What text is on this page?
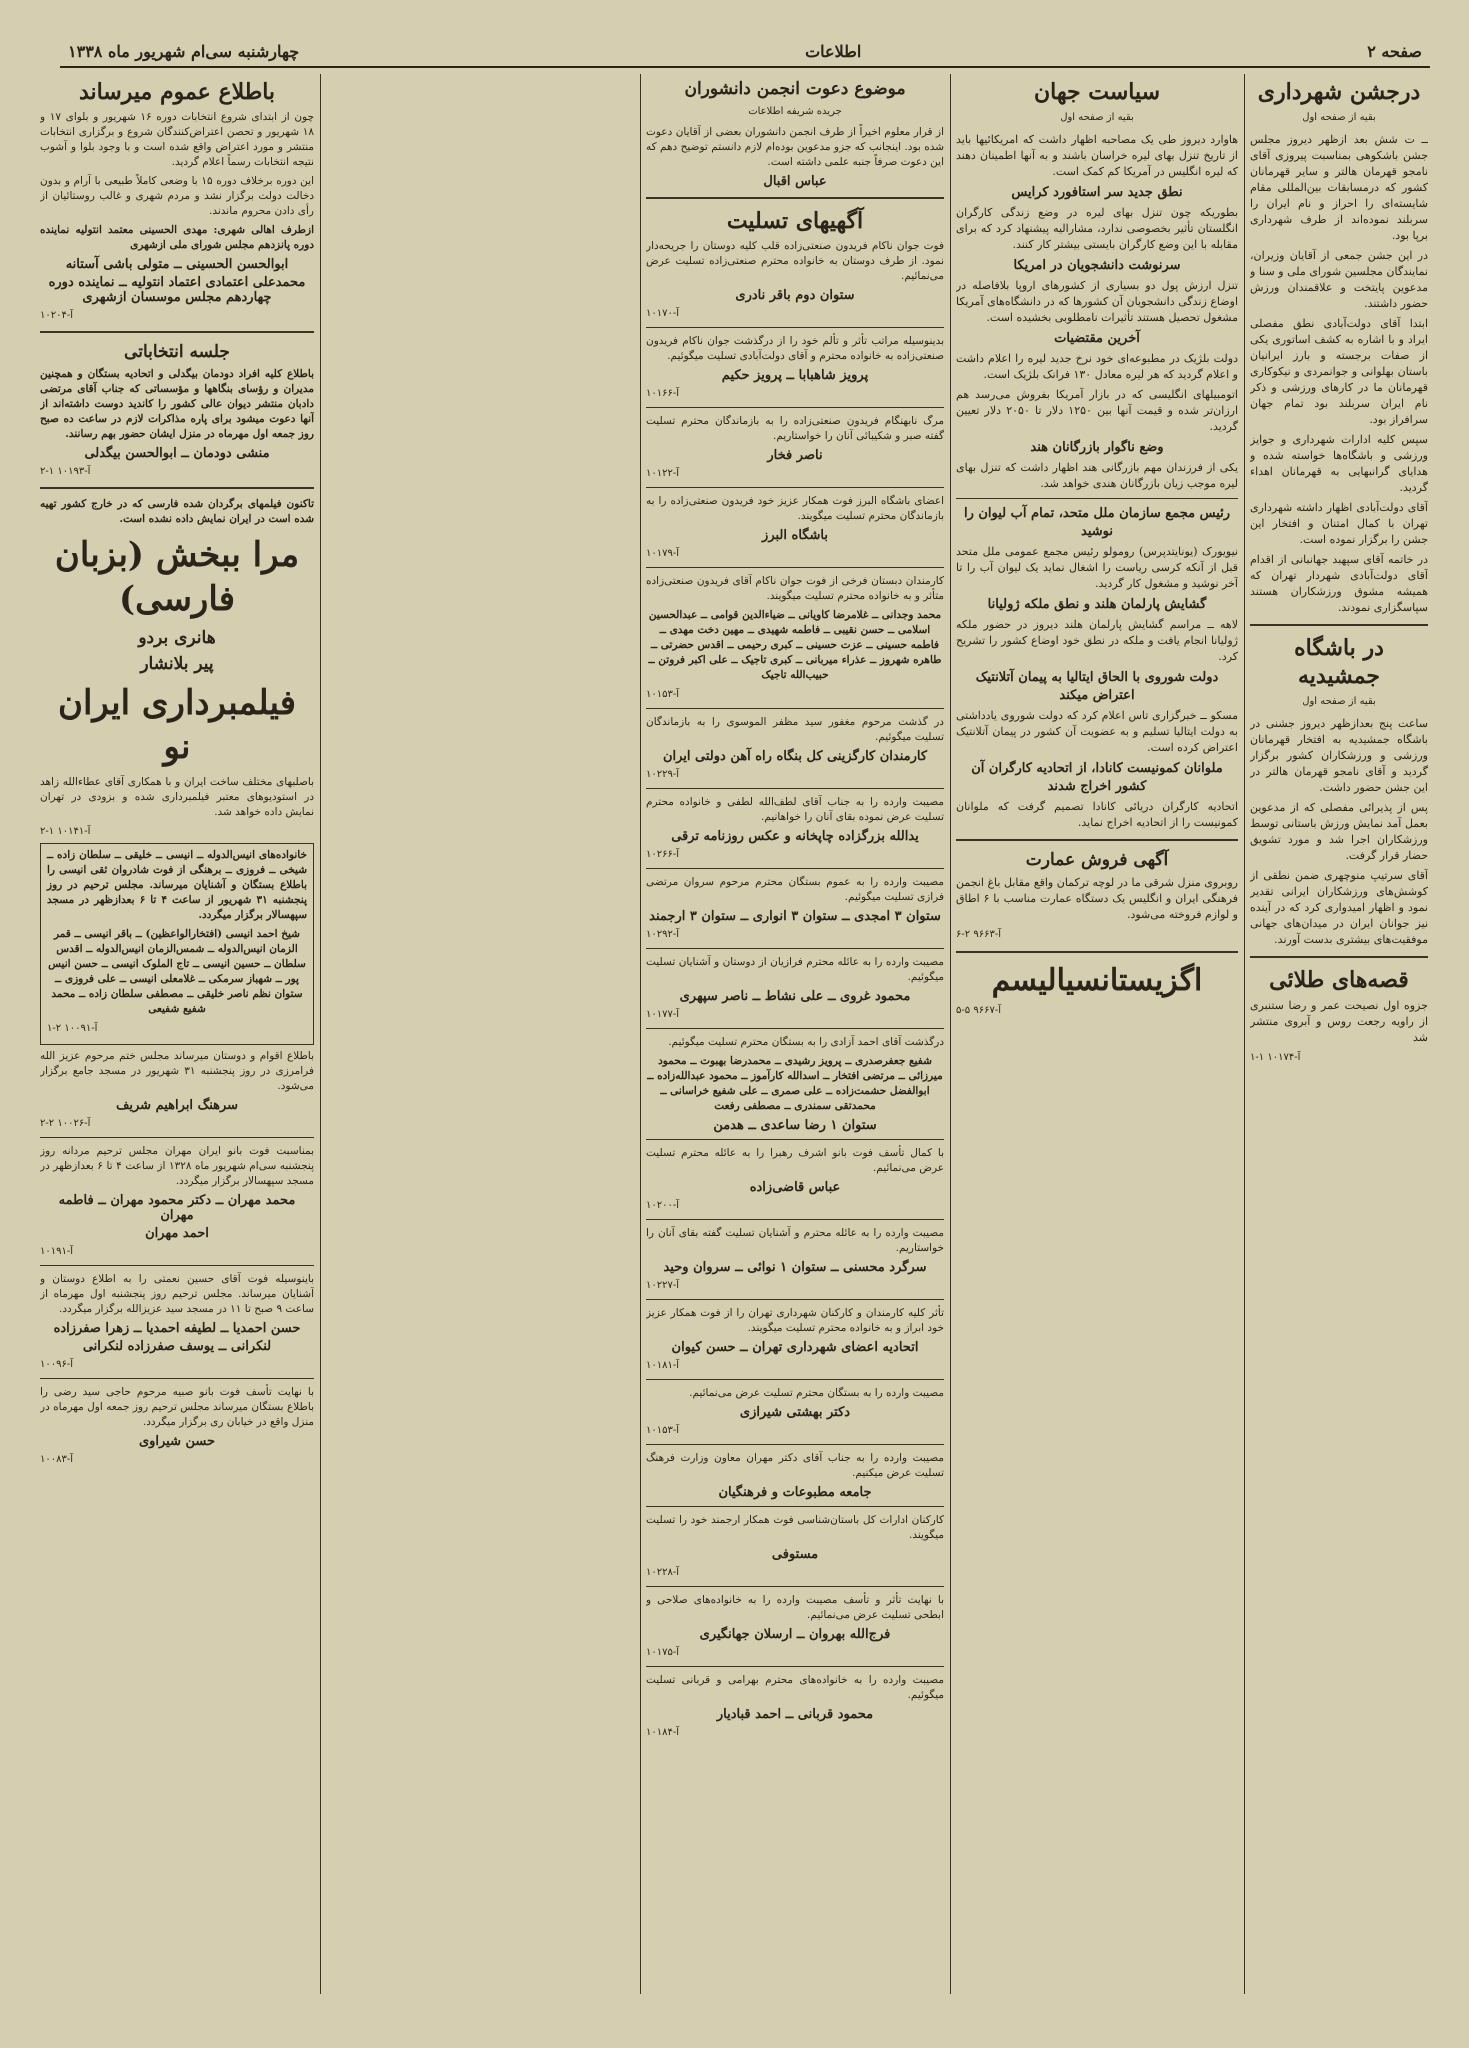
صفحه ۲
اطلاعات
چهارشنبه سی‌ام شهریور ماه ۱۳۳۸
درجشن شهرداری
بقیه از صفحه اول

ــ ت شش بعد ازظهر دیروز مجلس جشن باشکوهی بمناسبت پیروزی آقای نامجو قهرمان هالتر و سایر قهرمانان کشور که درمسابقات بین‌المللی مقام شایسته‌ای را احراز و نام ایران را سربلند نموده‌اند از طرف شهرداری برپا بود.

در این جشن جمعی از آقایان وزیران، نمایندگان مجلسین شورای ملی و سنا و مدعوین پایتخت و علاقمندان ورزش حضور داشتند.

ابتدا آقای دولت‌آبادی نطق مفصلی ایراد و با اشاره به کشف اساتوری یکی از صفات برجسته و بارز ایرانیان باستان بهلوانی و جوانمردی و نیکوکاری قهرمانان ما در کارهای ورزشی و ذکر نام ایران سربلند بود تمام جهان سرافراز بود.

سپس کلیه ادارات شهرداری و جوایز ورزشی و باشگاه‌ها خواسته شده و هدایای گرانبهایی به قهرمانان اهداء گردید.

آقای دولت‌آبادی اظهار داشته شهرداری تهران با کمال امتنان و افتخار این جشن را برگزار نموده است.

در خاتمه آقای سپهبد جهانبانی از اقدام آقای دولت‌آبادی شهردار تهران که همیشه مشوق ورزشکاران هستند سپاسگزاری نمودند.

در باشگاه جمشیدیه
بقیه از صفحه اول

ساعت پنج بعدازظهر دیروز جشنی در باشگاه جمشیدیه به افتخار قهرمانان ورزشی و ورزشکاران کشور برگزار گردید و آقای نامجو قهرمان هالتر در این جشن حضور داشت.

پس از پذیرائی مفصلی که از مدعوین بعمل آمد نمایش ورزش باستانی توسط ورزشکاران اجرا شد و مورد تشویق حضار قرار گرفت.

آقای سرتیپ منوچهری ضمن نطقی از کوشش‌های ورزشکاران ایرانی تقدیر نمود و اظهار امیدواری کرد که در آینده نیز جوانان ایران در میدان‌های جهانی موفقیت‌های بیشتری بدست آورند.

قصه‌های طلائی

جزوه اول نصیحت عمر و رضا ستنبری از راویه رجعت روس و آبروی منتشر شد

آ-۱۰۱۷۴ ۱-۱
سیاست جهان
بقیه از صفحه اول

هاوارد دیروز طی یک مصاحبه اظهار داشت که امریکائیها باید از تاریخ تنزل بهای لیره خراسان باشند و به آنها اطمینان دهند که لیره انگلیس در آمریکا کم کمک است.

نطق جدید سر استافورد کرایس

بطوریکه چون تنزل بهای لیره در وضع زندگی کارگران انگلستان تأثیر بخصوصی ندارد، مشارالیه پیشنهاد کرد که برای مقابله با این وضع کارگران بایستی بیشتر کار کنند.

سرنوشت دانشجویان در امریکا

تنزل ارزش پول دو بسیاری از کشورهای اروپا بلافاصله در اوضاع زندگی دانشجویان آن کشورها که در دانشگاه‌های آمریکا مشغول تحصیل هستند تأثیرات نامطلوبی بخشیده است.

آخرین مقتضیات

دولت بلژیک در مطبوعه‌ای خود نرخ جدید لیره را اعلام داشت و اعلام گردید که هر لیره معادل ۱۳۰ فرانک بلژیک است.

اتومبیلهای انگلیسی که در بازار آمریکا بفروش می‌رسد هم ارزان‌تر شده و قیمت آنها بین ۱۲۵۰ دلار تا ۲۰۵۰ دلار تعیین گردید.

وضع ناگوار بازرگانان هند

یکی از فرزندان مهم بازرگانی هند اظهار داشت که تنزل بهای لیره موجب زیان بازرگانان هندی خواهد شد.

رئیس مجمع سازمان ملل متحد، تمام آب لیوان را نوشید

نیویورک (یونایتدپرس) رومولو رئیس مجمع عمومی ملل متحد قبل از آنکه کرسی ریاست را اشغال نماید یک لیوان آب را تا آخر نوشید و مشغول کار گردید.

گشایش پارلمان هلند و نطق ملکه ژولیانا

لاهه ــ مراسم گشایش پارلمان هلند دیروز در حضور ملکه ژولیانا انجام یافت و ملکه در نطق خود اوضاع کشور را تشریح کرد.

دولت شوروی با الحاق ایتالیا به پیمان آتلانتیک اعتراض میکند

مسکو ــ خبرگزاری تاس اعلام کرد که دولت شوروی یادداشتی به دولت ایتالیا تسلیم و به عضویت آن کشور در پیمان آتلانتیک اعتراض کرده است.

ملوانان کمونیست کانادا، از اتحادیه کارگران آن کشور اخراج شدند

اتحادیه کارگران دریائی کانادا تصمیم گرفت که ملوانان کمونیست را از اتحادیه اخراج نماید.

آگهی فروش عمارت

روبروی منزل شرقی ما در لوچه ترکمان واقع مقابل باغ انجمن فرهنگی ایران و انگلیس یک دستگاه عمارت مناسب با ۶ اطاق و لوازم فروخته می‌شود.

آ-۹۶۶۳ ۲-۶
اگزیستانسیالیسم
آ-۹۶۶۷ ۵-۵
موضوع دعوت انجمن دانشوران
جریده شریفه اطلاعات

از قرار معلوم اخیراً از طرف انجمن دانشوران بعضی از آقایان دعوت شده بود. اینجانب که جزو مدعوین بوده‌ام لازم دانستم توضیح دهم که این دعوت صرفاً جنبه علمی داشته است.

عباس اقبال
آگهیهای تسلیت

فوت جوان ناکام فریدون صنعتی‌زاده قلب کلیه دوستان را جریحه‌دار نمود. از طرف دوستان به خانواده محترم صنعتی‌زاده تسلیت عرض می‌نمائیم.

ستوان دوم باقر نادری
آ-۱۰۱۷۰

بدینوسیله مراتب تأثر و تألم خود را از درگذشت جوان ناکام فریدون صنعتی‌زاده به خانواده محترم و آقای دولت‌آبادی تسلیت میگوئیم.

پرویز شاهبابا ــ پرویز حکیم
آ-۱۰۱۶۶

مرگ نابهنگام فریدون صنعتی‌زاده را به بازماندگان محترم تسلیت گفته صبر و شکیبائی آنان را خواستاریم.

ناصر فخار
آ-۱۰۱۲۲

اعضای باشگاه البرز فوت همکار عزیز خود فریدون صنعتی‌زاده را به بازماندگان محترم تسلیت میگویند.

باشگاه البرز
آ-۱۰۱۷۹

کارمندان دبستان فرخی از فوت جوان ناکام آقای فریدون صنعتی‌زاده متأثر و به خانواده محترم تسلیت میگویند.

محمد وجدانی ــ غلامرضا کاویانی ــ ضیاءالدین قوامی ــ عبدالحسین اسلامی ــ حسن نقیبی ــ فاطمه شهیدی ــ مهین دخت مهدی ــ فاطمه حسینی ــ عزت حسینی ــ کبری رحیمی ــ اقدس حضرتی ــ طاهره شهروز ــ عذراء میربانی ــ کبری تاجیک ــ علی اکبر فروتن ــ حبیب‌الله تاجیک

آ-۱۰۱۵۳

در گذشت مرحوم مغفور سید مظفر الموسوی را به بازماندگان تسلیت میگوئیم.

کارمندان کارگزینی کل بنگاه راه آهن دولتی ایران
آ-۱۰۲۲۹

مصیبت وارده را به جناب آقای لطف‌الله لطفی و خانواده محترم تسلیت عرض نموده بقای آنان را خواهانیم.

یدالله بزرگزاده چاپخانه و عکس روزنامه ترقی
آ-۱۰۲۶۶

مصیبت وارده را به عموم بستگان محترم مرحوم سروان مرتضی فرازی تسلیت میگوئیم.

ستوان ۳ امجدی ــ ستوان ۳ انواری ــ ستوان ۳ ارجمند
آ-۱۰۲۹۲

مصیبت وارده را به عائله محترم فرازیان از دوستان و آشنایان تسلیت میگوئیم.

محمود غروی ــ علی نشاط ــ ناصر سپهری
آ-۱۰۱۷۷

درگذشت آقای احمد آزادی را به بستگان محترم تسلیت میگوئیم.

شفیع جعفرصدری ــ پرویز رشیدی ــ محمدرضا بهبوت ــ محمود میرزائی ــ مرتضی افتخار ــ اسدالله کارآموز ــ محمود عبدالله‌زاده ــ ابوالفضل حشمت‌زاده ــ علی صمری ــ علی شفیع خراسانی ــ محمدتقی سمندری ــ مصطفی رفعت

ستوان ۱ رضا ساعدی ــ هدمن

با کمال تأسف فوت بانو اشرف رهبرا را به عائله محترم تسلیت عرض می‌نمائیم.

عباس قاضی‌زاده
آ-۱۰۲۰۰

مصیبت وارده را به عائله محترم و آشنایان تسلیت گفته بقای آنان را خواستاریم.

سرگرد محسنی ــ ستوان ۱ نوائی ــ سروان وحید
آ-۱۰۲۲۷

تأثر کلیه کارمندان و کارکنان شهرداری تهران را از فوت همکار عزیز خود ابراز و به خانواده محترم تسلیت میگویند.

اتحادیه اعضای شهرداری تهران ــ حسن کیوان
آ-۱۰۱۸۱

مصیبت وارده را به بستگان محترم تسلیت عرض می‌نمائیم.

دکتر بهشتی شیرازی
آ-۱۰۱۵۳

مصیبت وارده را به جناب آقای دکتر مهران معاون وزارت فرهنگ تسلیت عرض میکنیم.

جامعه مطبوعات و فرهنگیان

کارکنان ادارات کل باستان‌شناسی فوت همکار ارجمند خود را تسلیت میگویند.

مستوفی
آ-۱۰۲۲۸

با نهایت تأثر و تأسف مصیبت وارده را به خانواده‌های صلاحی و ابطحی تسلیت عرض می‌نمائیم.

فرج‌الله بهروان ــ ارسلان جهانگیری
آ-۱۰۱۷۵

مصیبت وارده را به خانواده‌های محترم بهرامی و قربانی تسلیت میگوئیم.

محمود قربانی ــ احمد قبادیار
آ-۱۰۱۸۴
باطلاع عموم میرساند

چون از ابتدای شروع انتخابات دوره ۱۶ شهریور و بلوای ۱۷ و ۱۸ شهریور و تحصن اعتراض‌کنندگان شروع و برگزاری انتخابات منتشر و مورد اعتراض واقع شده است و با وجود بلوا و آشوب نتیجه انتخابات رسماً اعلام گردید.

این دوره برخلاف دوره ۱۵ با وضعی کاملاً طبیعی با آرام و بدون دخالت دولت برگزار نشد و مردم شهری و غالب روستائیان از رأی دادن محروم ماندند.

ازطرف اهالی شهری: مهدی الحسینی معتمد انتولیه نماینده دوره پانزدهم مجلس شورای ملی ازشهری

ابوالحسن الحسینی ــ متولی باشی آستانه
محمدعلی اعتمادی اعتماد انتولیه ــ نماینده دوره چهاردهم مجلس موسسان ازشهری
آ-۱۰۲۰۴
جلسه انتخاباتی

باطلاع کلیه افراد دودمان بیگدلی و اتحادیه بستگان و همچنین مدیران و رؤسای بنگاهها و مؤسساتی که جناب آقای مرتضی دادبان منتشر دیوان عالی کشور را کاندید دوست داشته‌اند از آنها دعوت میشود برای پاره مذاکرات لازم در ساعت ده صبح روز جمعه اول مهرماه در منزل ایشان حضور بهم رسانند.

منشی دودمان ــ ابوالحسن بیگدلی
آ-۱۰۱۹۳ ۱-۲

تاکنون فیلمهای برگردان شده فارسی که در خارج کشور تهیه شده است در ایران نمایش داده نشده است.

مرا ببخش (بزبان فارسی)
هانری بردو
پیر بلانشار
فیلمبرداری ایران نو

باصلبهای مختلف ساخت ایران و با همکاری آقای عطاءالله زاهد در استودیوهای معتبر فیلمبرداری شده و بزودی در تهران نمایش داده خواهد شد.

آ-۱۰۱۴۱ ۱-۲

خانواده‌های انیس‌الدوله ــ انیسی ــ خلیقی ــ سلطان زاده ــ شیخی ــ فروزی ــ برهنگی از فوت شادروان ثقی انیسی را باطلاع بستگان و آشنایان میرساند. مجلس ترحیم در روز پنجشنبه ۳۱ شهریور از ساعت ۴ تا ۶ بعدازظهر در مسجد سپهسالار برگزار میگردد.

شیخ احمد انیسی (افتخارالواعظین) ــ باقر انیسی ــ قمر الزمان انیس‌الدوله ــ شمس‌الزمان انیس‌الدوله ــ اقدس سلطان ــ حسین انیسی ــ تاج الملوک انیسی ــ حسن انیس پور ــ شهباز سرمکی ــ غلامعلی انیسی ــ علی فروزی ــ ستوان نظم ناصر خلیقی ــ مصطفی سلطان زاده ــ محمد شفیع شفیعی

آ-۱۰۰۹۱ ۲-۱

باطلاع اقوام و دوستان میرساند مجلس ختم مرحوم عزیز الله فرامرزی در روز پنجشنبه ۳۱ شهریور در مسجد جامع برگزار می‌شود.

سرهنگ ابراهیم شریف
آ-۱۰۰۲۶ ۲-۲

بمناسبت فوت بانو ایران مهران مجلس ترحیم مردانه روز پنجشنبه سی‌ام شهریور ماه ۱۳۲۸ از ساعت ۴ تا ۶ بعدازظهر در مسجد سپهسالار برگزار میگردد.

محمد مهران ــ دکتر محمود مهران ــ فاطمه مهران
احمد مهران
آ-۱۰۱۹۱

باینوسیله فوت آقای حسین نعمتی را به اطلاع دوستان و آشنایان میرساند. مجلس ترحیم روز پنجشنبه اول مهرماه از ساعت ۹ صبح تا ۱۱ در مسجد سید عزیزالله برگزار میگردد.

حسن احمدیا ــ لطیفه احمدیا ــ زهرا صفرزاده
لنکرانی ــ یوسف صفرزاده لنکرانی
آ-۱۰۰۹۶

با نهایت تأسف فوت بانو صبیه مرحوم حاجی سید رضی را باطلاع بستگان میرساند مجلس ترحیم روز جمعه اول مهرماه در منزل واقع در خیابان ری برگزار میگردد.

حسن شیراوی
آ-۱۰۰۸۳
